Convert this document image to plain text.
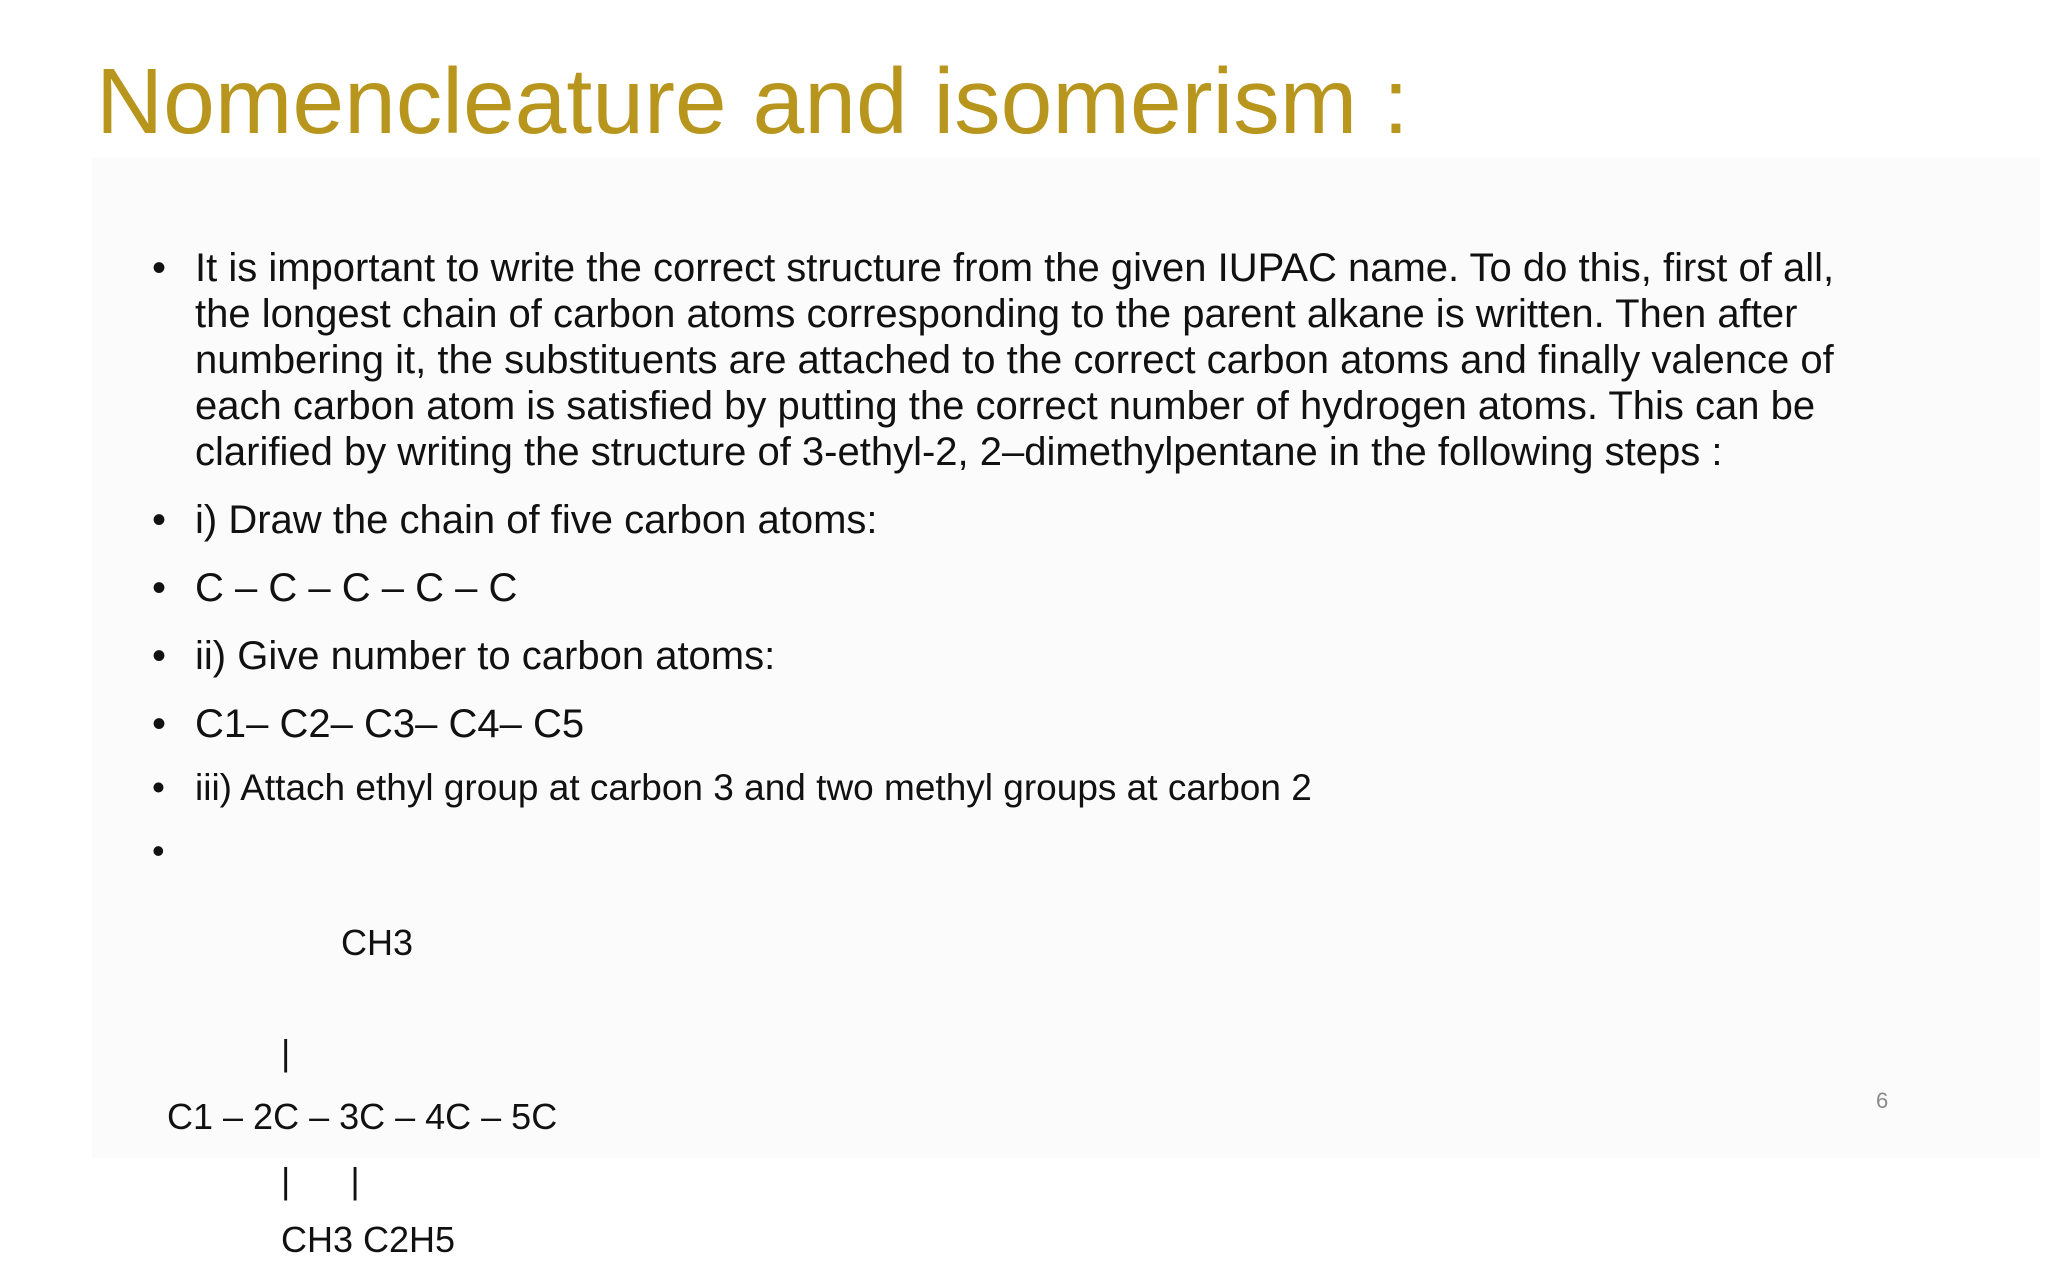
Nomencleature and isomerism :
• It is important to write the correct structure from the given IUPAC name. To do this, first of all, the longest chain of carbon atoms corresponding to the parent alkane is written. Then after numbering it, the substituents are attached to the correct carbon atoms and finally valence of each carbon atom is satisfied by putting the correct number of hydrogen atoms. This can be clarified by writing the structure of 3-ethyl-2, 2–dimethylpentane in the following steps :
• i) Draw the chain of five carbon atoms:
• C – C – C – C – C
• ii) Give number to carbon atoms:
• C1– C2– C3– C4– C5
• iii) Attach ethyl group at carbon 3 and two methyl groups at carbon 2

•

CH3

|
C1 – 2C – 3C – 4C – 5C
|      |
CH3 C2H5
6
